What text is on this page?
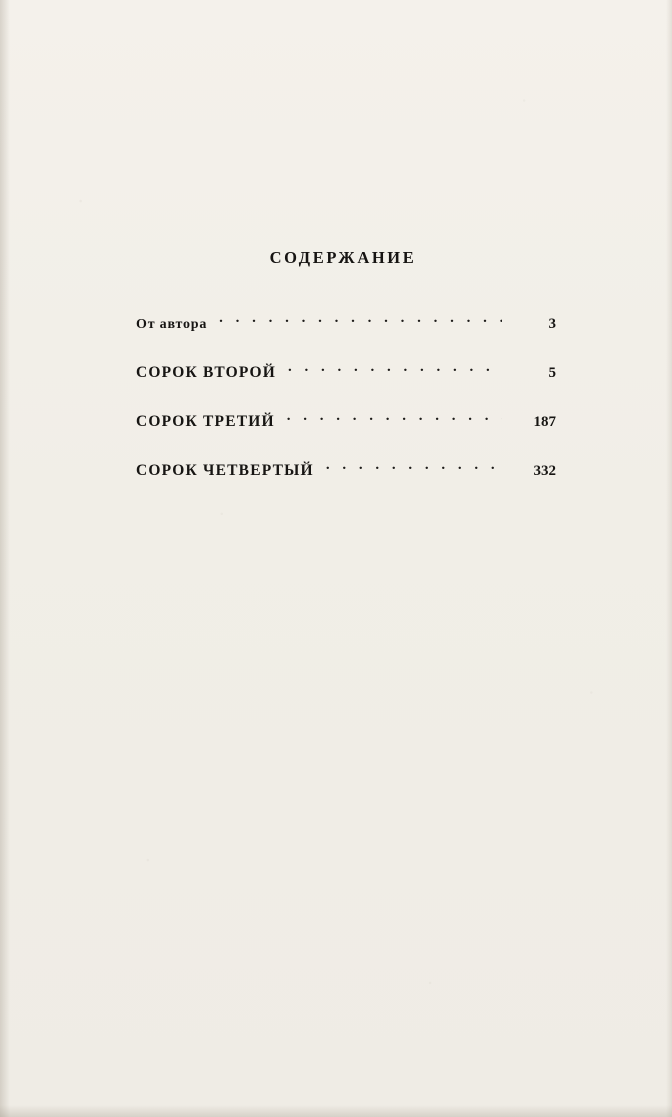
СОДЕРЖАНИЕ
От автора . . .	3
СОРОК ВТОРОЙ . . .	5
СОРОК ТРЕТИЙ . . .	187
СОРОК ЧЕТВЕРТЫЙ . . .	332
